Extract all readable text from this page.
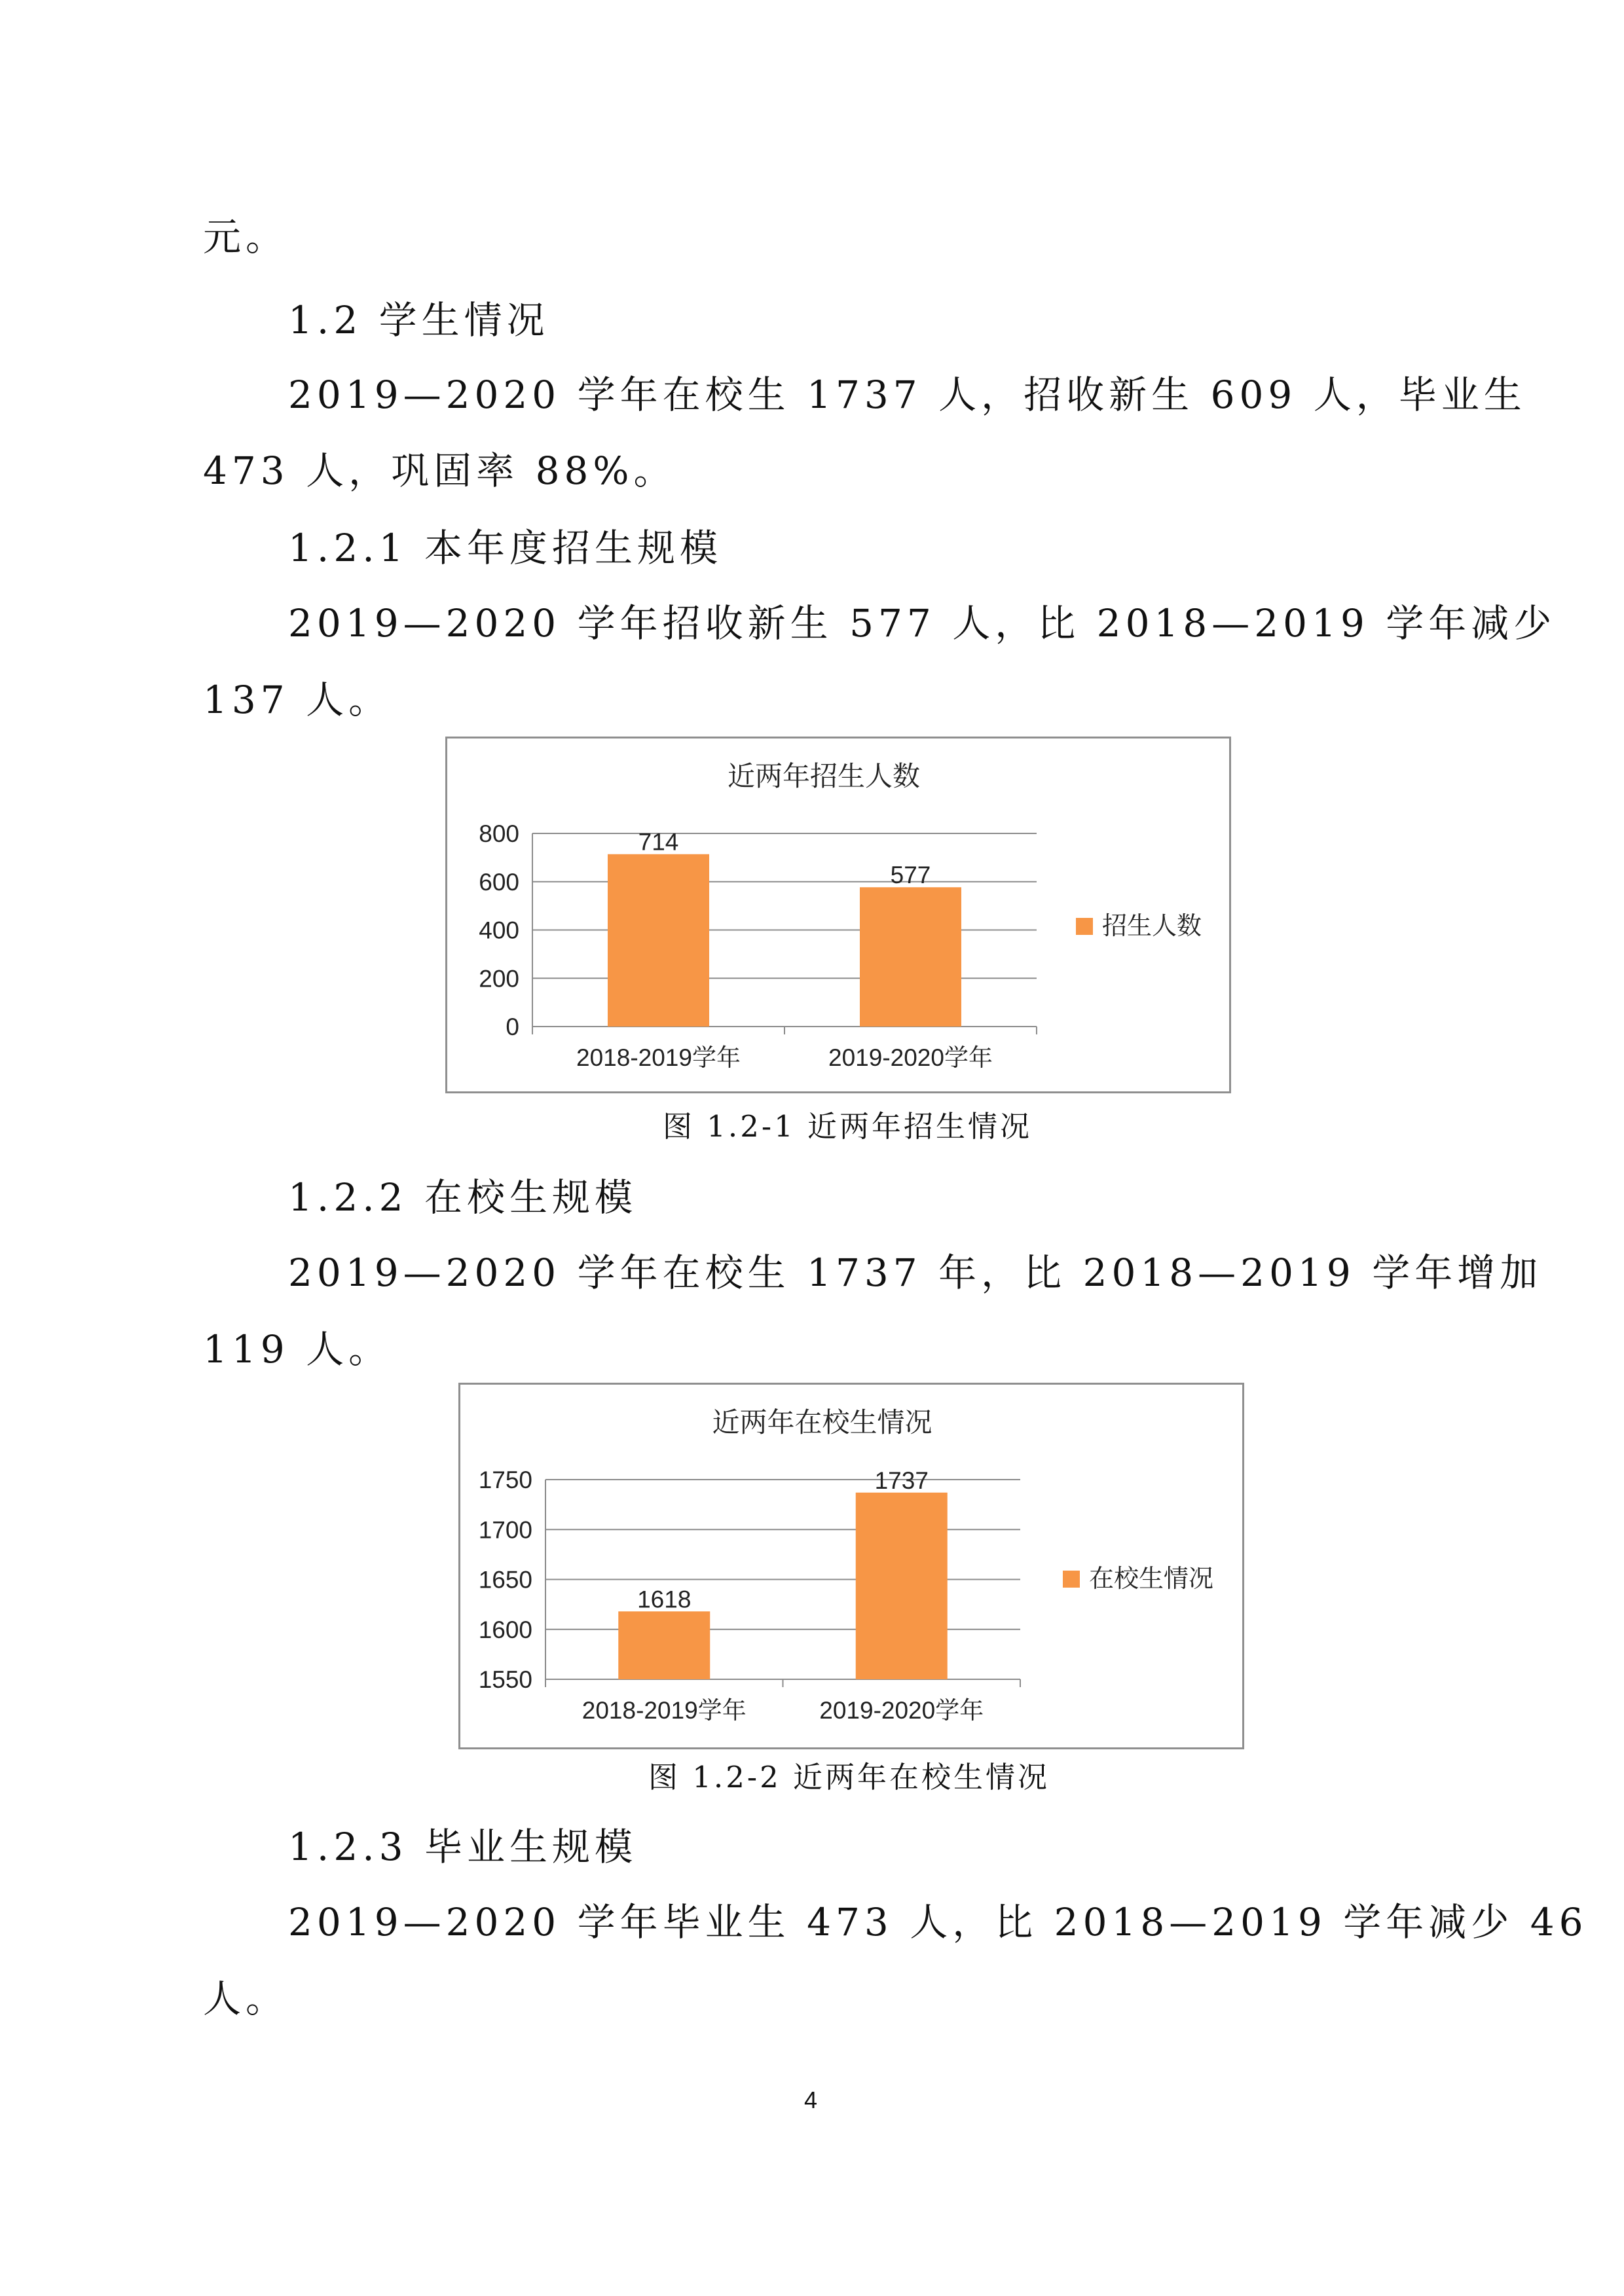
元。
1.2 学生情况
2019—2020 学年在校生 1737 人，招收新生 609 人，毕业生
473 人，巩固率 88%。
1.2.1 本年度招生规模
2019—2020 学年招收新生 577 人，比 2018—2019 学年减少
137 人。
近两年招生人数
0
200
400
600
800	714
2018-2019学年
577
2019-2020学年
招生人数
图 1.2-1 近两年招生情况
1.2.2 在校生规模
2019—2020 学年在校生 1737 年，比 2018—2019 学年增加
119 人。
近两年在校生情况
1550
1600
1650
1700
1750
1618
2018-2019学年
1737
2019-2020学年
在校生情况
图 1.2-2 近两年在校生情况
1.2.3 毕业生规模
2019—2020 学年毕业生 473 人，比 2018—2019 学年减少 46
人。
4
